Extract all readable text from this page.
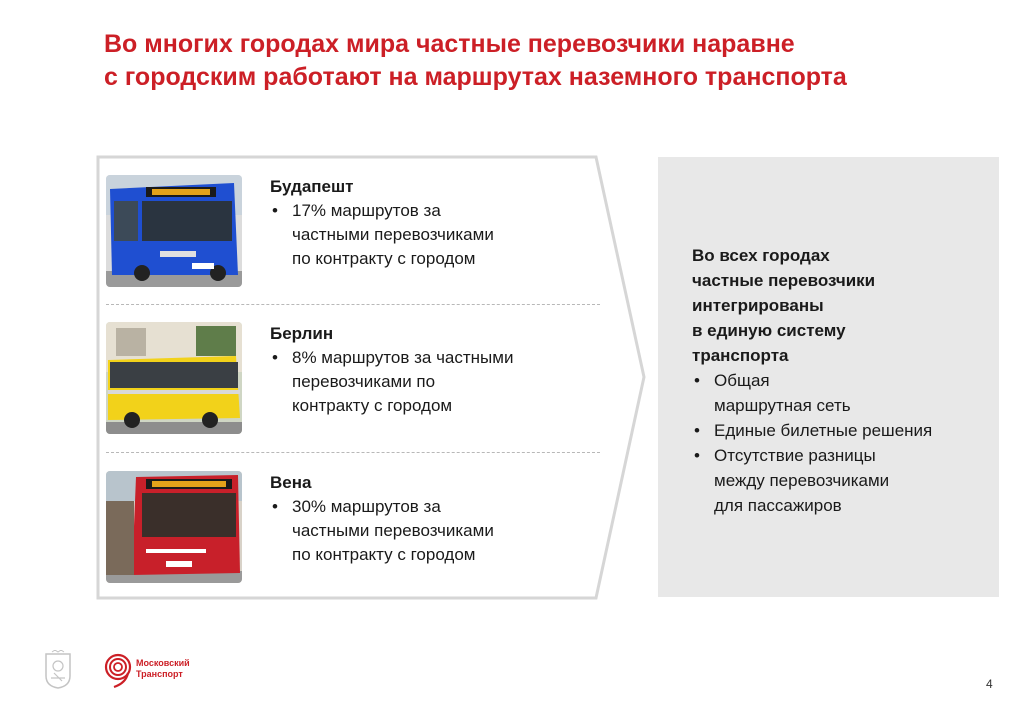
Во многих городах мира частные перевозчики наравне
с городским работают на маршрутах наземного транспорта
Будапешт
• 17% маршрутов за
частными перевозчиками
по контракту с городом
Берлин
• 8% маршрутов за частными
перевозчиками по
контракту с городом
Вена
• 30% маршрутов за
частными перевозчиками
по контракту с городом
Во всех городах
частные перевозчики
интегрированы
в единую систему
транспорта
• Общая
маршрутная сеть
• Единые билетные решения
• Отсутствие разницы
между перевозчиками
для пассажиров
Московский
Транспорт
4
